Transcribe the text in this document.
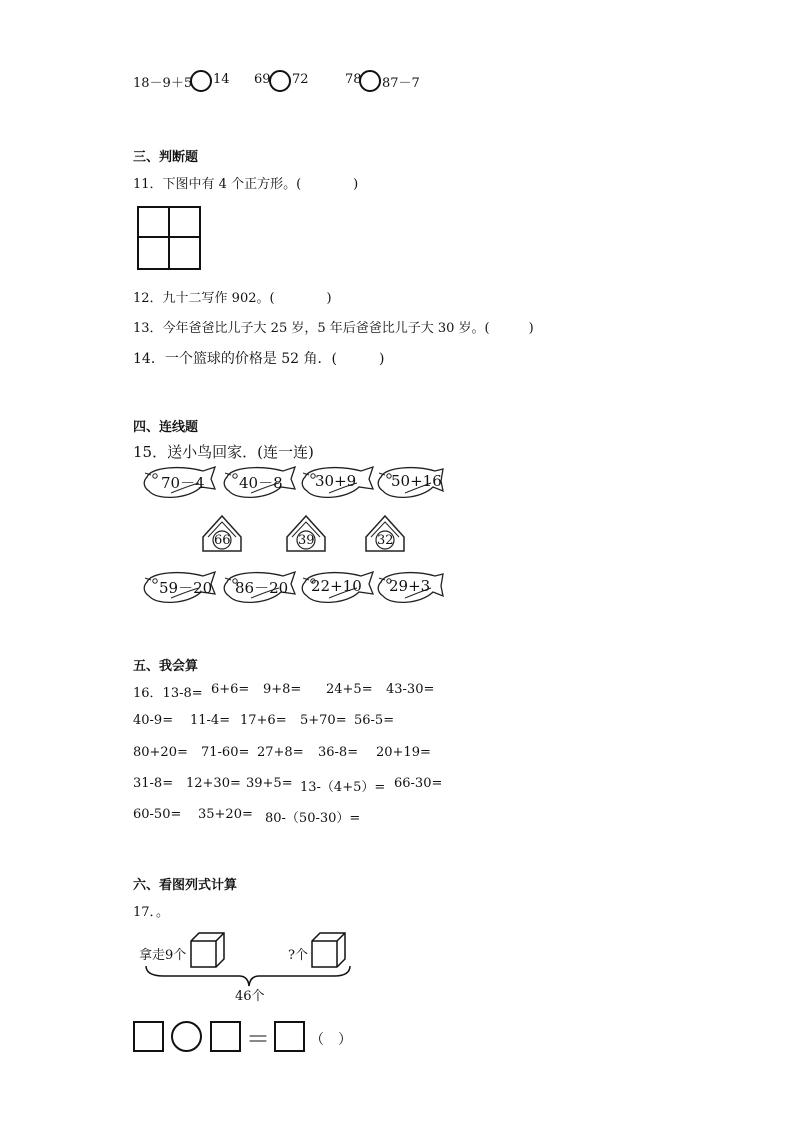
18－9＋5 14 69 72	78 87－7
三、判断题
11．下图中有 4 个正方形。(　　　　)
12．九十二写作 902。(　　　　)
13．今年爸爸比儿子大 25 岁，5 年后爸爸比儿子大 30 岁。(　　　)
14．一个篮球的价格是 52 角．(　　　)
四、连线题
15．送小鸟回家．(连一连)
70－4 40－8 30+9 50+16
66	39	32
59－20 86－20 22+10 29+3
五、我会算
16．13-8= 6+6= 9+8= 24+5= 43-30=
40-9= 11-4= 17+6= 5+70= 56-5=
80+20= 71-60= 27+8= 36-8= 20+19=
31-8= 12+30= 39+5= 13-（4+5）= 66-30=
60-50= 35+20= 80-（50-30）=
六、看图列式计算
17．。
拿走9个	?个
46个
＝	（　）
